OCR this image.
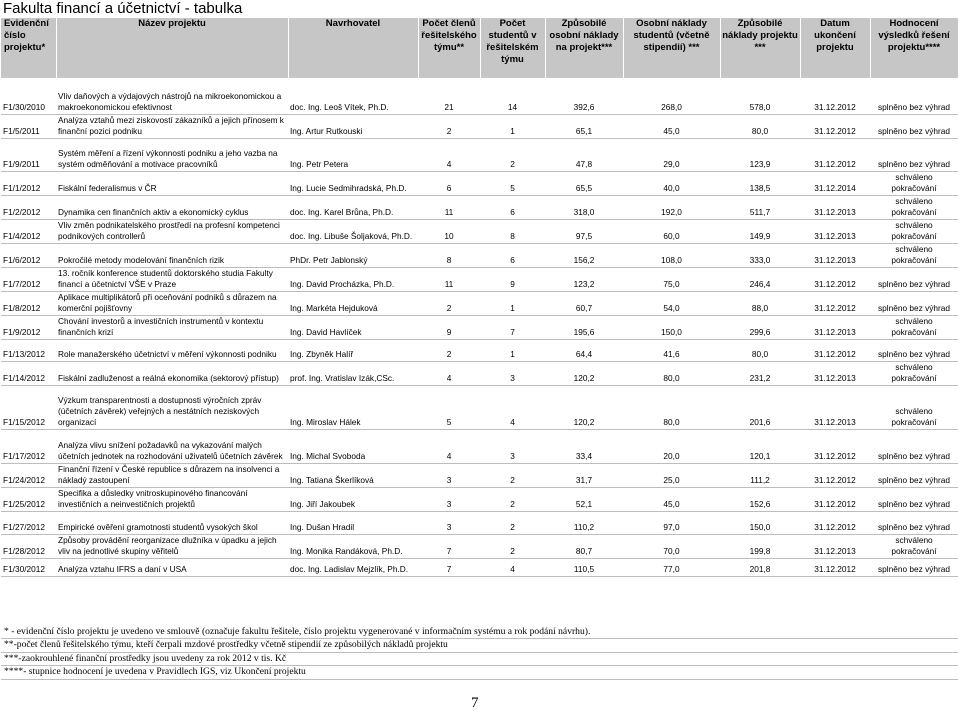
Fakulta financí a účetnictví - tabulka
Evidenční číslo projektu*	Název projektu	Navrhovatel	Počet členů řešitelského týmu**	Počet studentů v řešitelském týmu	Způsobilé osobní náklady na projekt***	Osobní náklady studentů (včetně stipendií) ***	Způsobilé náklady projektu ***	Datum ukončení projektu	Hodnocení výsledků řešení projektu****
F1/30/2010	Vliv daňových a výdajových nástrojů na mikroekonomickou a makroekonomickou efektivnost	doc. Ing. Leoš Vítek, Ph.D.	21	14	392,6	268,0	578,0	31.12.2012	splněno bez výhrad
F1/5/2011	Analýza vztahů mezi ziskovostí zákazníků a jejich přínosem k finanční pozici podniku	Ing. Artur Rutkouski	2	1	65,1	45,0	80,0	31.12.2012	splněno bez výhrad
F1/9/2011	Systém měření a řízení výkonnosti podniku a jeho vazba na systém odměňování a motivace pracovníků	Ing. Petr Petera	4	2	47,8	29,0	123,9	31.12.2012	splněno bez výhrad
F1/1/2012	Fiskální federalismus v ČR	Ing. Lucie Sedmihradská, Ph.D.	6	5	65,5	40,0	138,5	31.12.2014	schváleno pokračování
F1/2/2012	Dynamika cen finančních aktiv a ekonomický cyklus	doc. Ing. Karel Brůna, Ph.D.	11	6	318,0	192,0	511,7	31.12.2013	schváleno pokračování
F1/4/2012	Vliv změn podnikatelského prostředí na profesní kompetenci podnikových controllerů	doc. Ing. Libuše Šoljaková, Ph.D.	10	8	97,5	60,0	149,9	31.12.2013	schváleno pokračování
F1/6/2012	Pokročilé metody modelování finančních rizik	PhDr. Petr Jablonský	8	6	156,2	108,0	333,0	31.12.2013	schváleno pokračování
F1/7/2012	13. ročník konference studentů doktorského studia Fakulty financí a účetnictví VŠE v Praze	Ing. David Procházka, Ph.D.	11	9	123,2	75,0	246,4	31.12.2012	splněno bez výhrad
F1/8/2012	Aplikace multiplikátorů při oceňování podniků s důrazem na komerční pojišťovny	Ing. Markéta Hejduková	2	1	60,7	54,0	88,0	31.12.2012	splněno bez výhrad
F1/9/2012	Chování investorů a investičních instrumentů v kontextu finančních krizí	Ing. David Havlíček	9	7	195,6	150,0	299,6	31.12.2013	schváleno pokračování
F1/13/2012	Role manažerského účetnictví v měření výkonnosti podniku	Ing. Zbyněk Halíř	2	1	64,4	41,6	80,0	31.12.2012	splněno bez výhrad
F1/14/2012	Fiskální zadluženost a reálná ekonomika (sektorový přístup)	prof. Ing. Vratislav Izák,CSc.	4	3	120,2	80,0	231,2	31.12.2013	schváleno pokračování
F1/15/2012	Výzkum transparentnosti a dostupnosti výročních zpráv (účetních závěrek) veřejných a nestátních neziskových organizací	Ing. Miroslav Hálek	5	4	120,2	80,0	201,6	31.12.2013	schváleno pokračování
F1/17/2012	Analýza vlivu snížení požadavků na vykazování malých účetních jednotek na rozhodování uživatelů účetních závěrek	Ing. Michal Svoboda	4	3	33,4	20,0	120,1	31.12.2012	splněno bez výhrad
F1/24/2012	Finanční řízení v České republice s důrazem na insolvenci a nákladý zastoupení	Ing. Tatiana Škerlíková	3	2	31,7	25,0	111,2	31.12.2012	splněno bez výhrad
F1/25/2012	Specifika a důsledky vnitroskupinového financování investičních a neinvestičních projektů	Ing. Jiří Jakoubek	3	2	52,1	45,0	152,6	31.12.2012	splněno bez výhrad
F1/27/2012	Empirické ověření gramotnosti studentů vysokých škol	Ing. Dušan Hradil	3	2	110,2	97,0	150,0	31.12.2012	splněno bez výhrad
F1/28/2012	Způsoby provádění reorganizace dlužníka v úpadku a jejich vliv na jednotlivé skupiny věřitelů	Ing. Monika Randáková, Ph.D.	7	2	80,7	70,0	199,8	31.12.2013	schváleno pokračování
F1/30/2012	Analýza vztahu IFRS a daní v USA	doc. Ing. Ladislav Mejzlík, Ph.D.	7	4	110,5	77,0	201,8	31.12.2012	splněno bez výhrad
* - evidenční číslo projektu je uvedeno ve smlouvě (označuje fakultu řešitele, číslo projektu vygenerované v informačním systému a rok podání návrhu).
**-počet členů řešitelského týmu, kteří čerpali mzdové prostředky včetně stipendií ze způsobilých nákladů projektu
***-zaokrouhlené finanční prostředky jsou uvedeny za rok 2012 v tis. Kč
****- stupnice hodnocení je uvedena v Pravidlech IGS, viz Ukončení projektu
7
